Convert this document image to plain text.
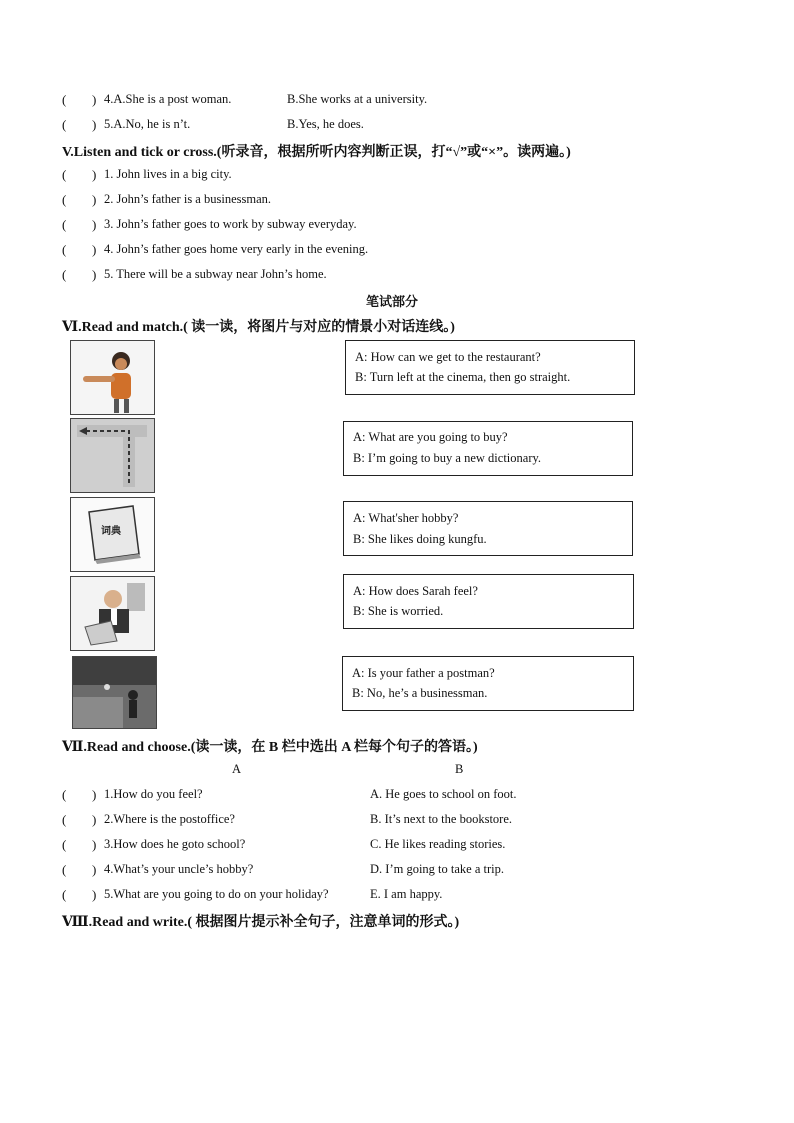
( ) 4.A.She is a post woman.	B.She works at a university.
( ) 5.A.No, he is n’t.	B.Yes, he does.
V.Listen and tick or cross.(听录音，根据所听内容判断正误，打“√”或“×”。读两遍。)
( ) 1. John lives in a big city.
( ) 2. John’s father is a businessman.
( ) 3. John’s father goes to work by subway everyday.
( ) 4. John’s father goes home very early in the evening.
( ) 5. There will be a subway near John’s home.
笔试部分
Ⅵ.Read and match.( 读一读，将图片与对应的情景小对话连线。)
词典
A: How can we get to the restaurant?
B: Turn left at the cinema, then go straight.
A: What are you going to buy?
B: I’m going to buy a new dictionary.
A: What'sher hobby?
B: She likes doing kungfu.
A: How does Sarah feel?
B: She is worried.
A: Is your father a postman?
B: No, he’s a businessman.
Ⅶ.Read and choose.(读一读，在 B 栏中选出 A 栏每个句子的答语。)
A	B
( ) 1.How do you feel?	A. He goes to school on foot.
( ) 2.Where is the postoffice?	B. It’s next to the bookstore.
( ) 3.How does he goto school?	C. He likes reading stories.
( ) 4.What’s your uncle’s hobby?	D. I’m going to take a trip.
( ) 5.What are you going to do on your holiday?	E. I am happy.
Ⅷ.Read and write.( 根据图片提示补全句子，注意单词的形式。)
